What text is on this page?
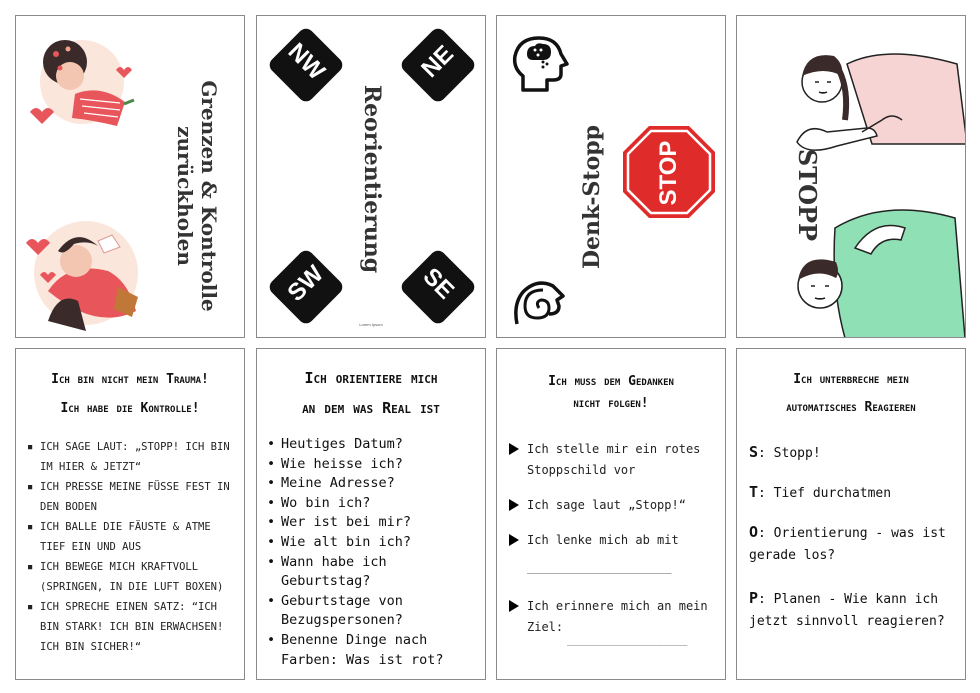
Grenzen & Kontrolle zurückholen
NW	NE
SW	SE
Reorientierung
Lorem Ipsum
Denk-Stopp STOP	STOPP
Ich bin nicht mein Trauma!
Ich habe die Kontrolle!
■ ICH SAGE LAUT: „STOPP! ICH BIN IM HIER & JETZT“
■ ICH PRESSE MEINE FÜSSE FEST IN DEN BODEN
■ ICH BALLE DIE FÄUSTE & ATME TIEF EIN UND AUS
■ ICH BEWEGE MICH KRAFTVOLL (SPRINGEN, IN DIE LUFT BOXEN)
■ ICH SPRECHE EINEN SATZ: “ICH BIN STARK! ICH BIN ERWACHSEN! ICH BIN SICHER!“
Ich orientiere mich
an dem was Real ist
• Heutiges Datum?
• Wie heisse ich?
• Meine Adresse?
• Wo bin ich?
• Wer ist bei mir?
• Wie alt bin ich?
• Wann habe ich Geburtstag?
• Geburtstage von Bezugspersonen?
• Benenne Dinge nach Farben: Was ist rot?
Ich muss dem Gedanken
nicht folgen!
Ich stelle mir ein rotes Stoppschild vor
Ich sage laut „Stopp!“
Ich lenke mich ab mit
____________________
Ich erinnere mich an mein Ziel:
____________________
Ich unterbreche mein
automatisches Reagieren
S: Stopp!
T: Tief durchatmen
O: Orientierung - was ist gerade los?
P: Planen - Wie kann ich jetzt sinnvoll reagieren?
